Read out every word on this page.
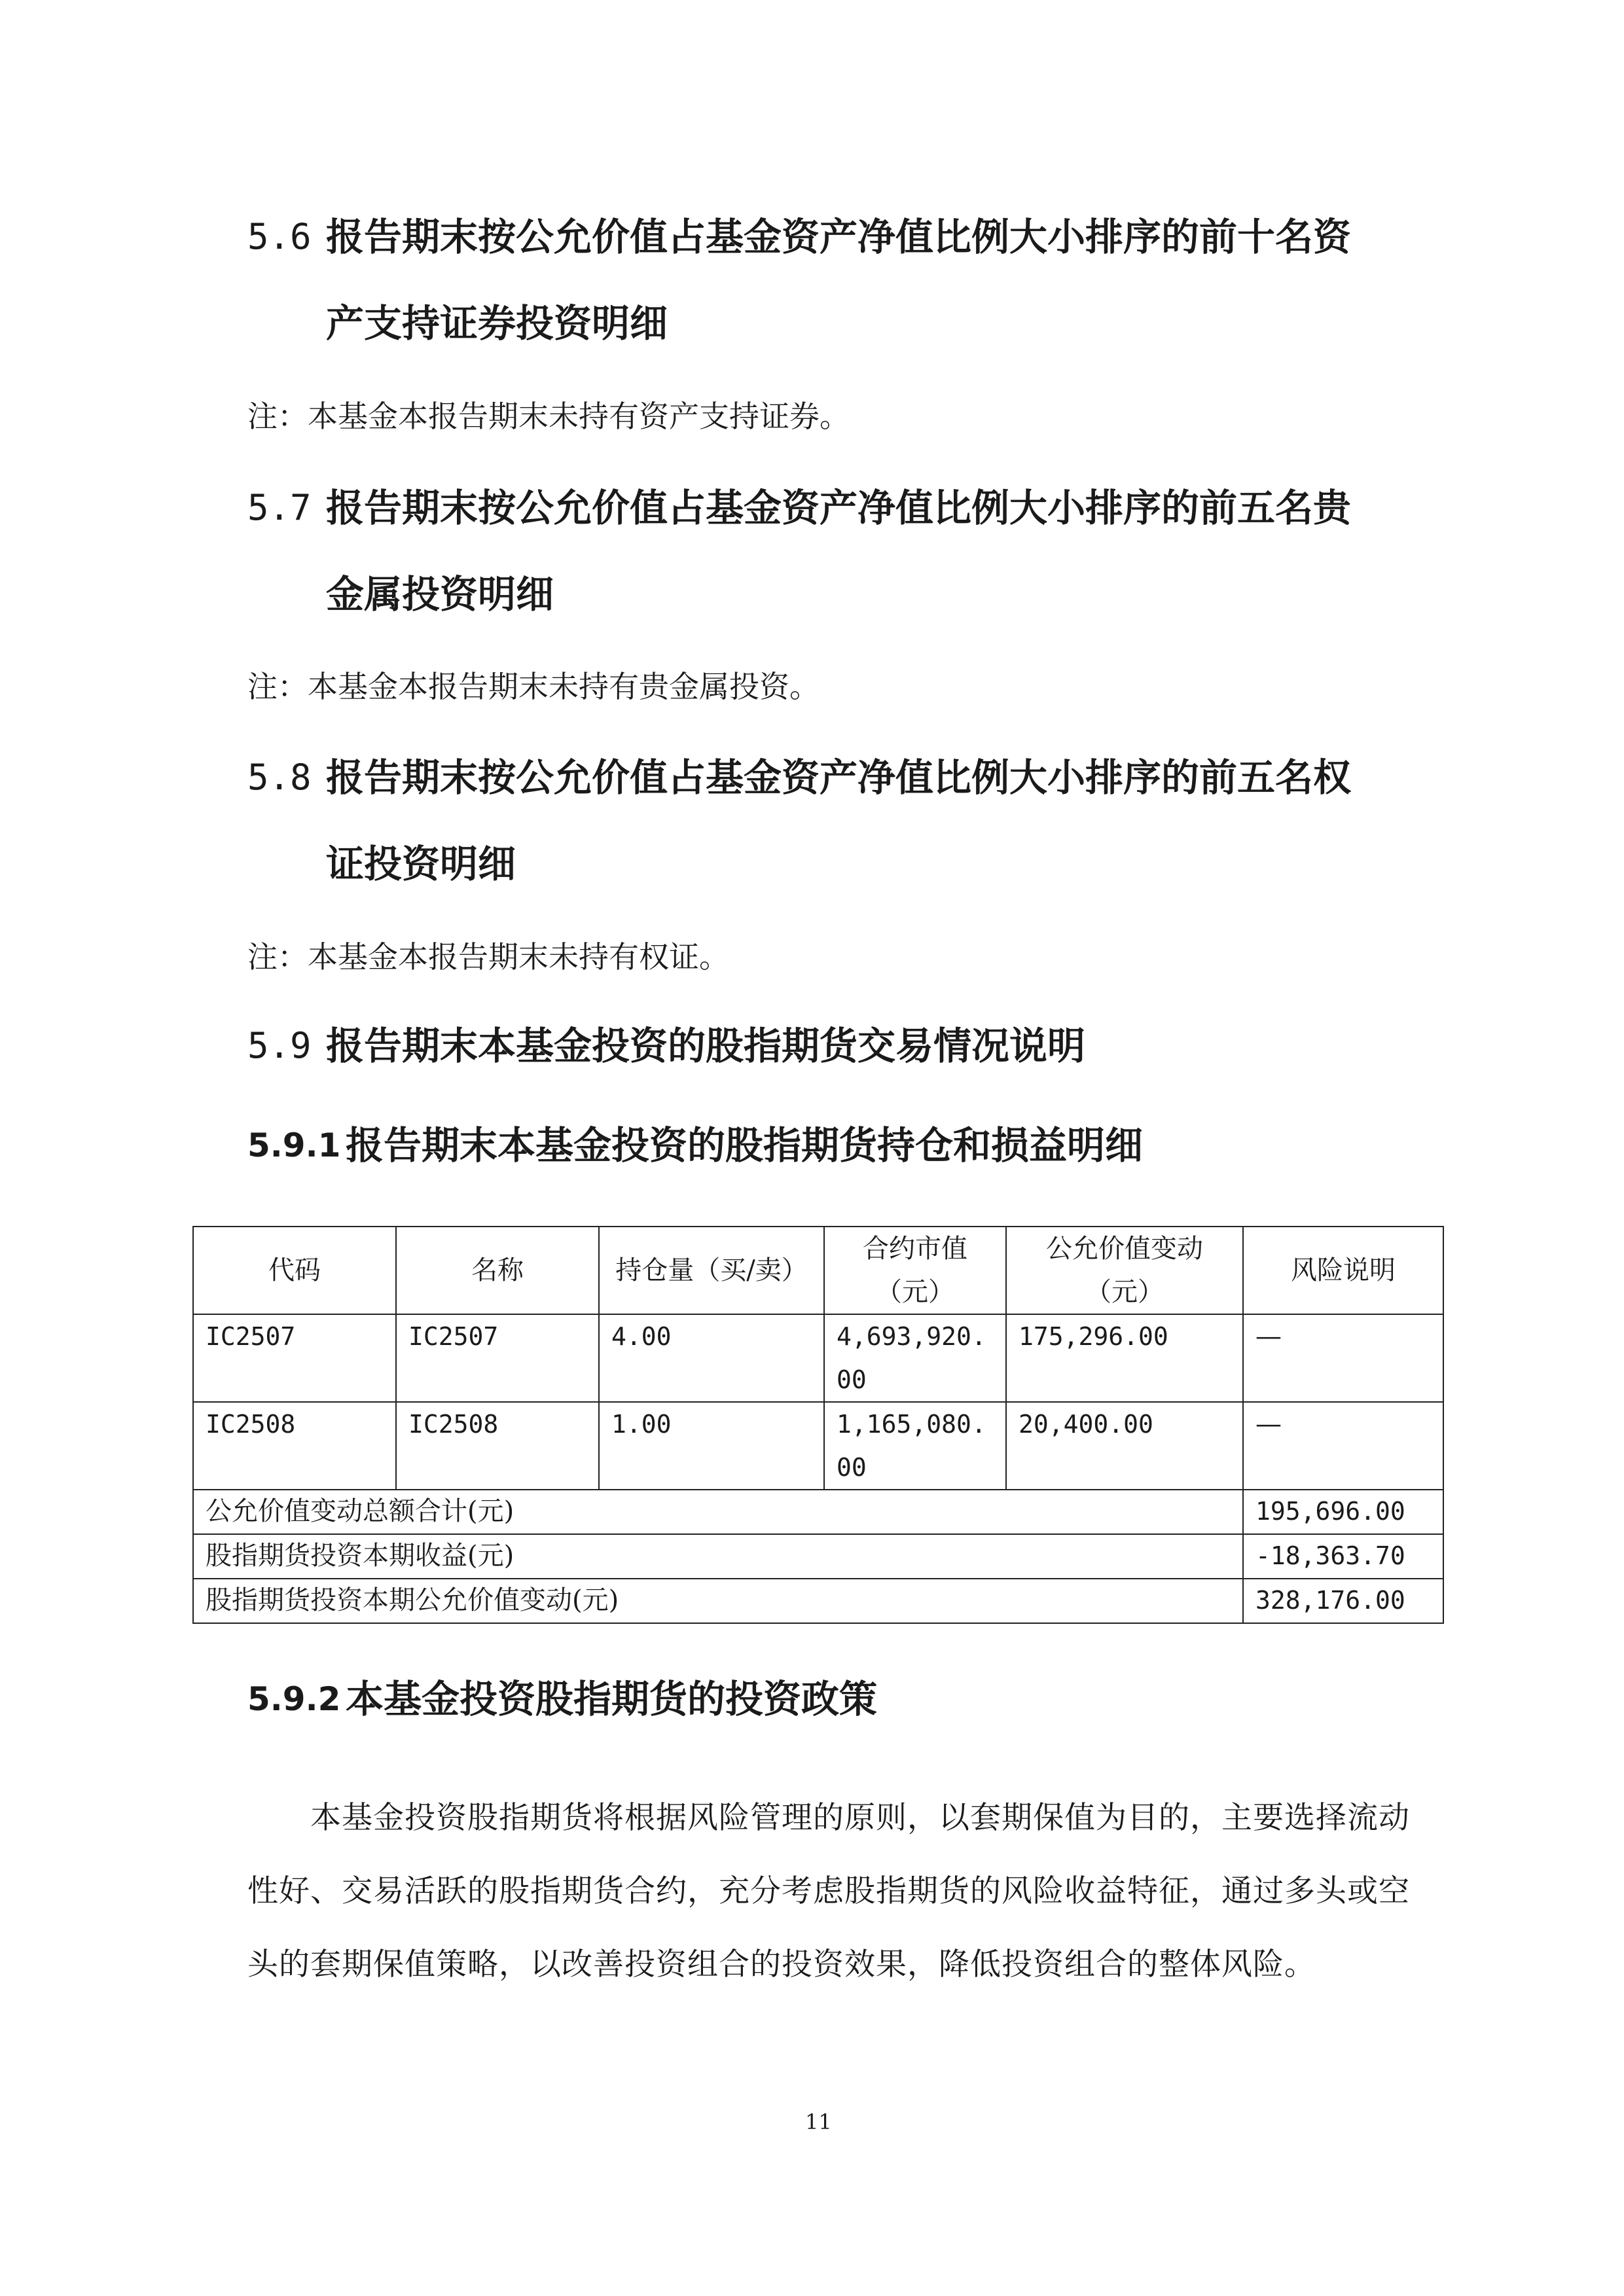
5.6 报告期末按公允价值占基金资产净值比例大小排序的前十名资
产支持证券投资明细
注：本基金本报告期末未持有资产支持证券。
5.7 报告期末按公允价值占基金资产净值比例大小排序的前五名贵
金属投资明细
注：本基金本报告期末未持有贵金属投资。
5.8 报告期末按公允价值占基金资产净值比例大小排序的前五名权
证投资明细
注：本基金本报告期末未持有权证。
5.9 报告期末本基金投资的股指期货交易情况说明
5.9.1 报告期末本基金投资的股指期货持仓和损益明细
代码	名称	持仓量（买/卖）	合约市值（元）	公允价值变动（元）	风险说明
IC2507	IC2507	4.00	4,693,920.00	175,296.00	—
IC2508	IC2508	1.00	1,165,080.00	20,400.00	—
公允价值变动总额合计(元)					195,696.00
股指期货投资本期收益(元)					-18,363.70
股指期货投资本期公允价值变动(元)					328,176.00
5.9.2 本基金投资股指期货的投资政策
本基金投资股指期货将根据风险管理的原则，以套期保值为目的，主要选择流动性好、交易活跃的股指期货合约，充分考虑股指期货的风险收益特征，通过多头或空头的套期保值策略，以改善投资组合的投资效果，降低投资组合的整体风险。
11
